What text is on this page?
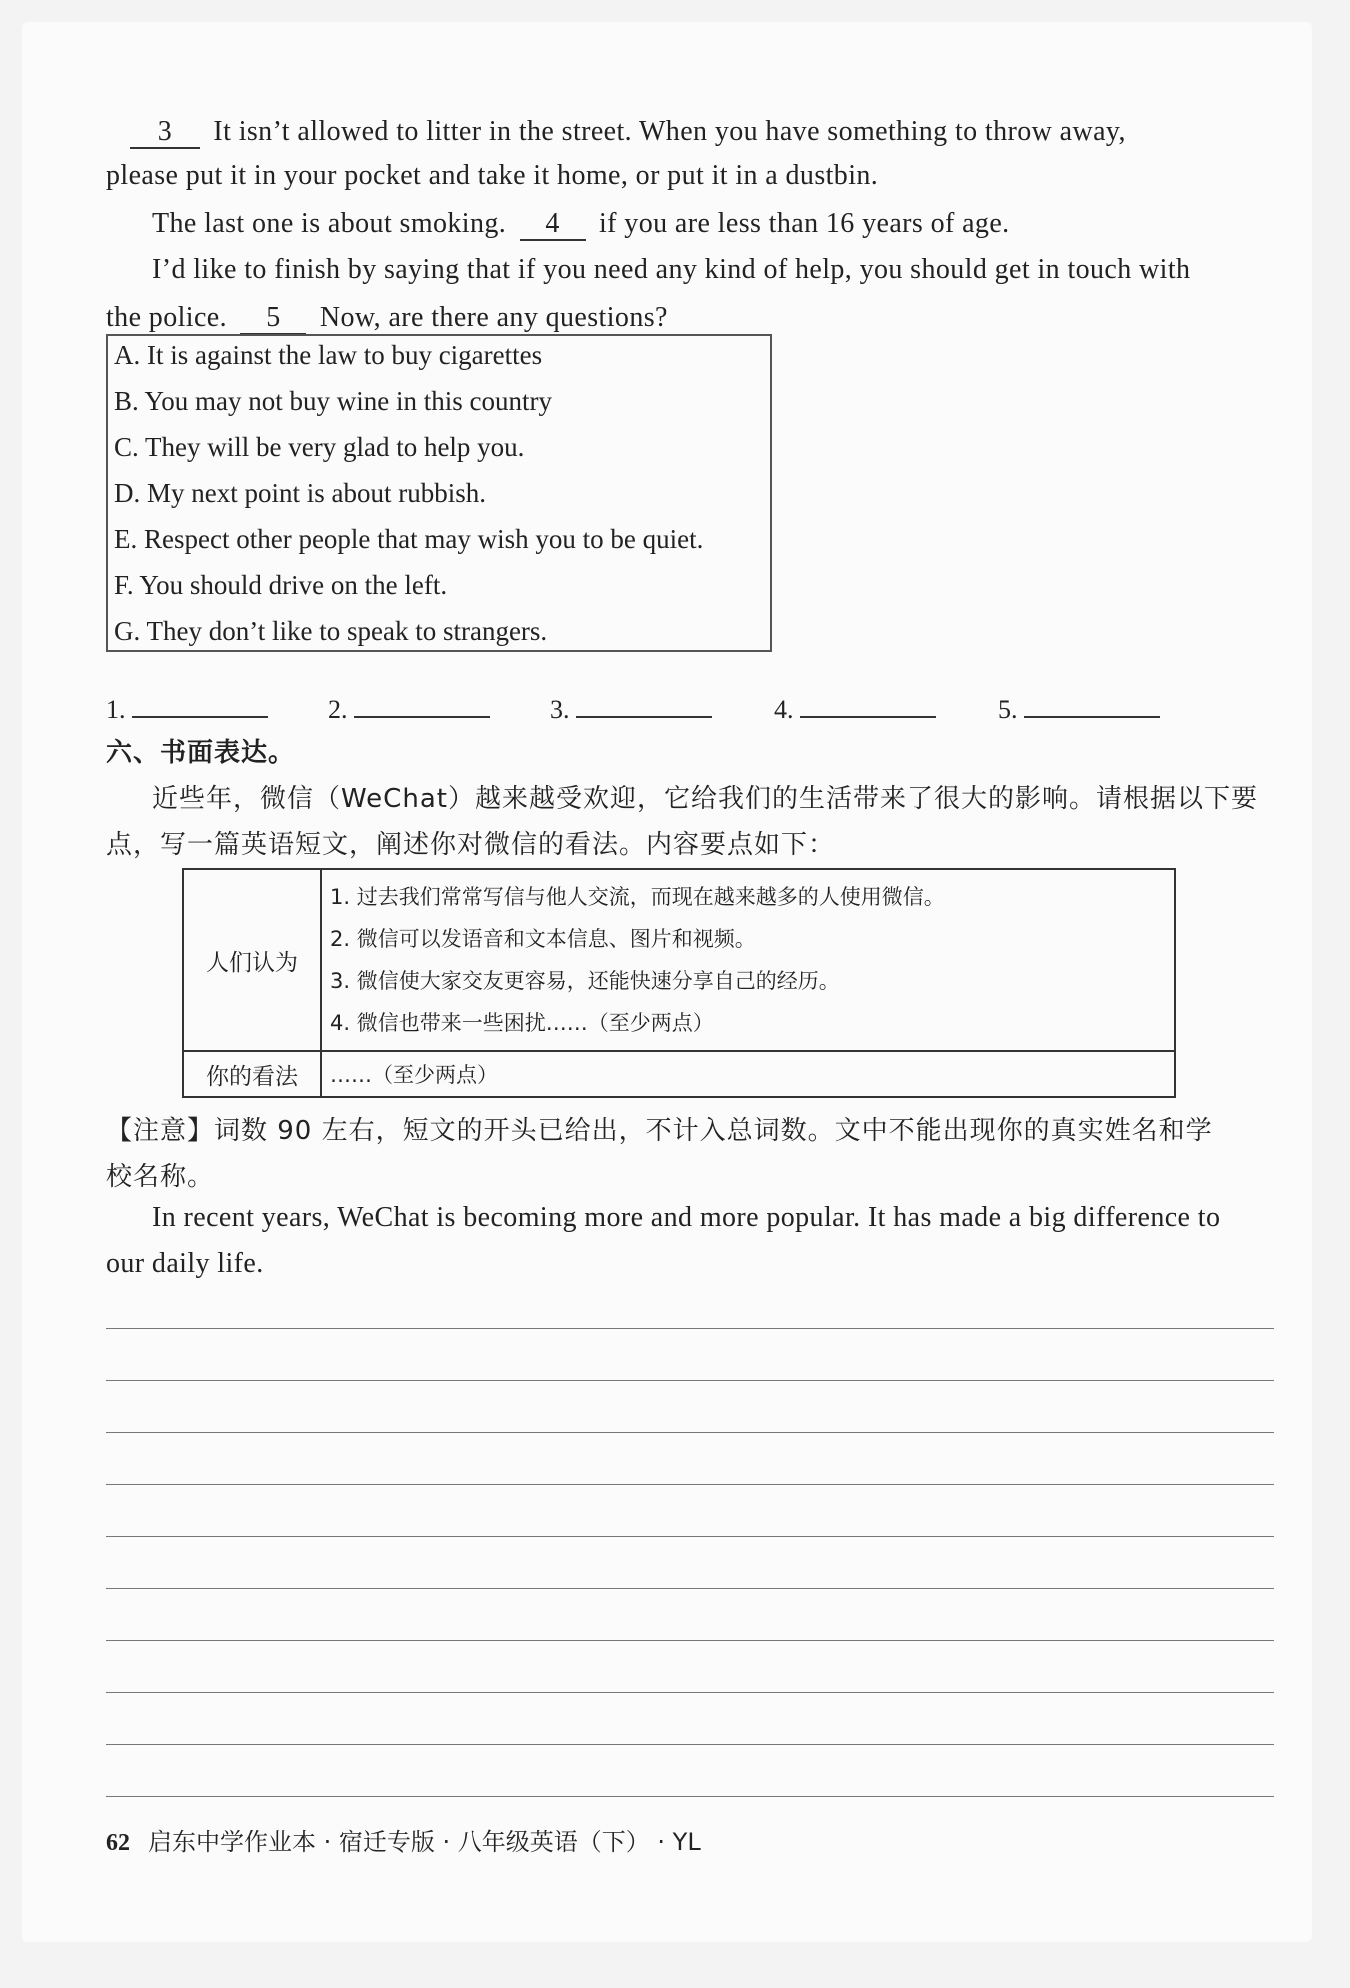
3 It isn’t allowed to litter in the street. When you have something to throw away,
please put it in your pocket and take it home, or put it in a dustbin.
The last one is about smoking. 4 if you are less than 16 years of age.
I’d like to finish by saying that if you need any kind of help, you should get in touch with
the police. 5 Now, are there any questions?
A. It is against the law to buy cigarettes
B. You may not buy wine in this country
C. They will be very glad to help you.
D. My next point is about rubbish.
E. Respect other people that may wish you to be quiet.
F. You should drive on the left.
G. They don’t like to speak to strangers.
1.	2.	3.	4.	5.
六、书面表达。
近些年，微信（WeChat）越来越受欢迎，它给我们的生活带来了很大的影响。请根据以下要
点，写一篇英语短文，阐述你对微信的看法。内容要点如下：
人们认为	1. 过去我们常常写信与他人交流，而现在越来越多的人使用微信。
2. 微信可以发语音和文本信息、图片和视频。
3. 微信使大家交友更容易，还能快速分享自己的经历。
4. 微信也带来一些困扰……（至少两点）

你的看法	……（至少两点）
【注意】词数 90 左右，短文的开头已给出，不计入总词数。文中不能出现你的真实姓名和学
校名称。
In recent years, WeChat is becoming more and more popular. It has made a big difference to
our daily life.
62 启东中学作业本 · 宿迁专版 · 八年级英语（下） · YL
